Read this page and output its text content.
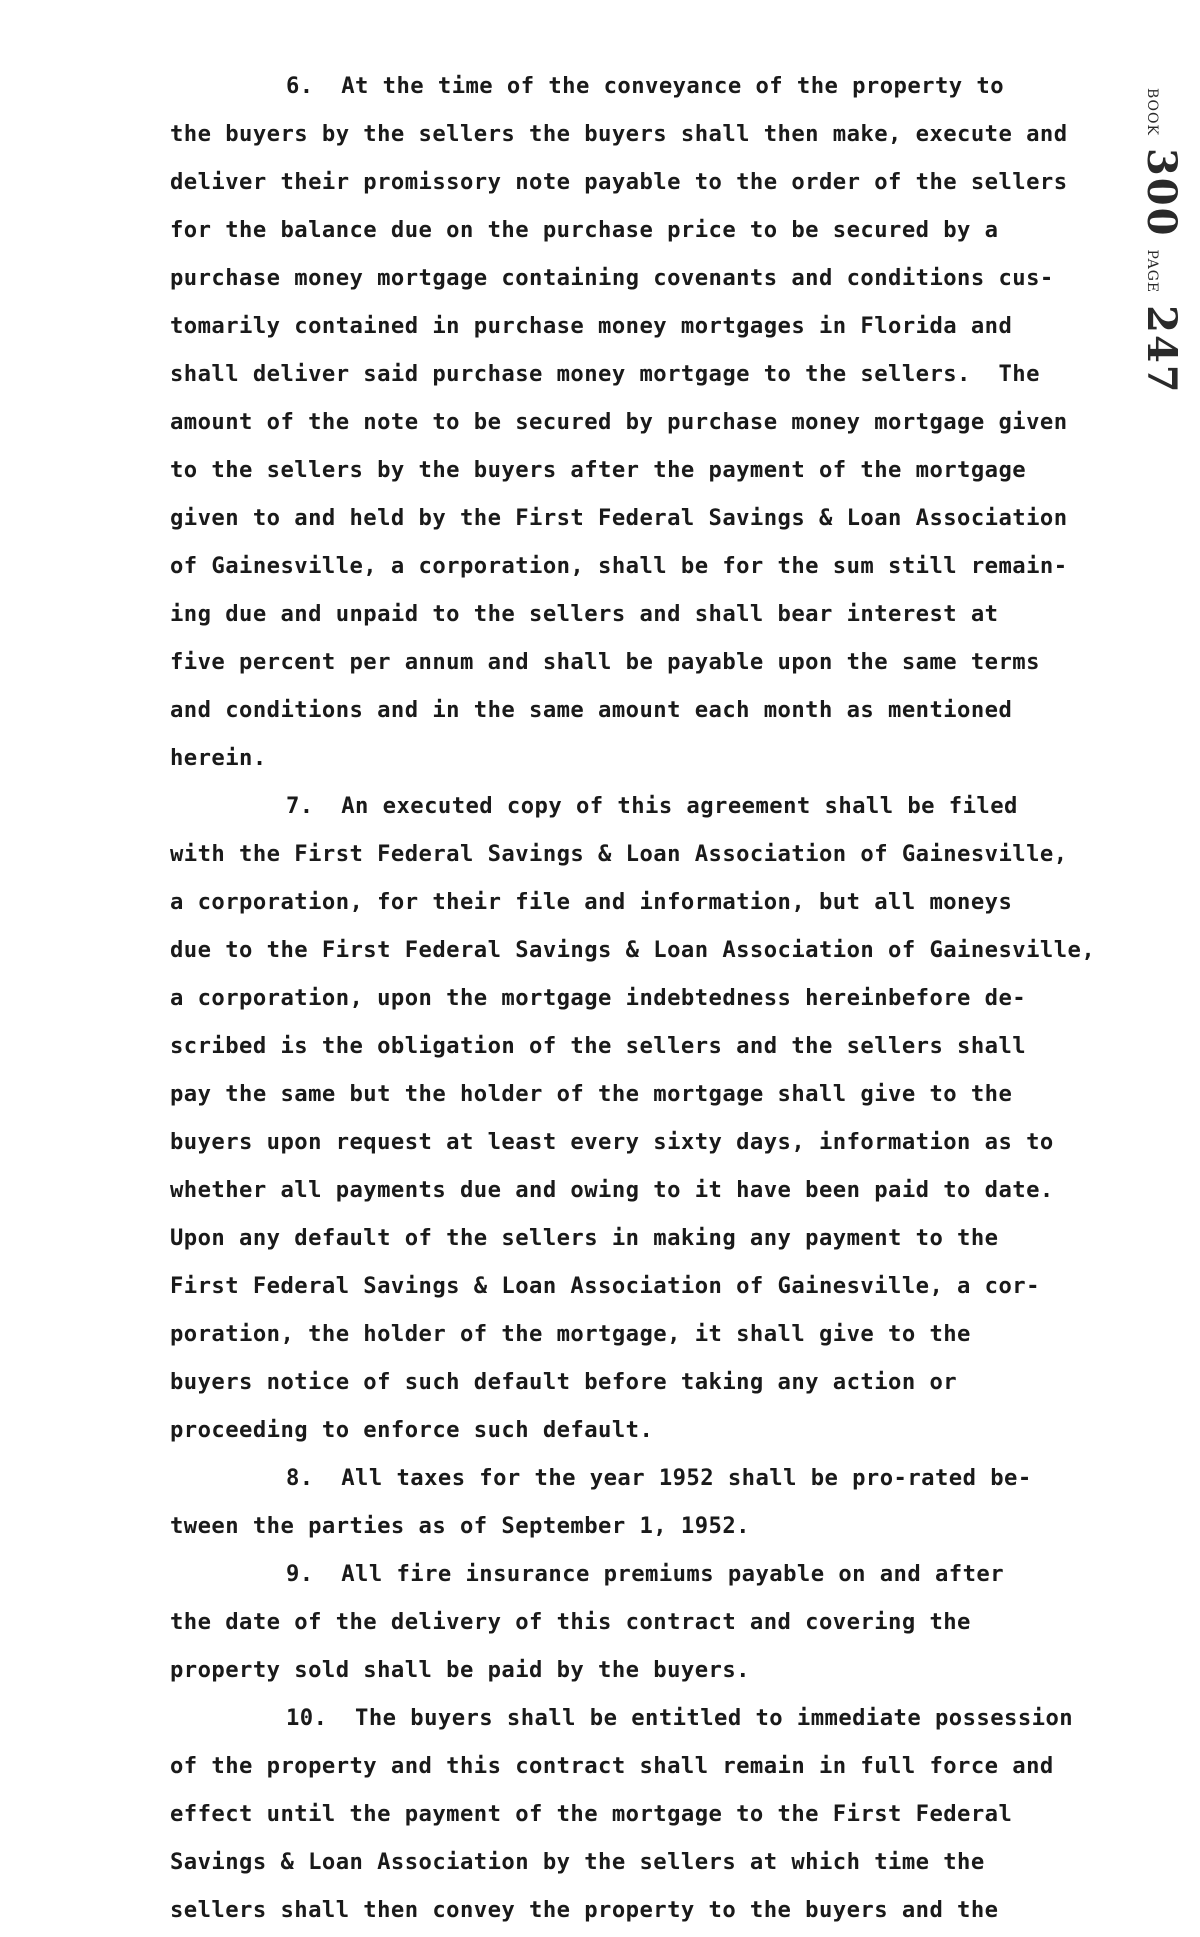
BOOK
300
PAGE
247
6.  At the time of the conveyance of the property to
the buyers by the sellers the buyers shall then make, execute and
deliver their promissory note payable to the order of the sellers
for the balance due on the purchase price to be secured by a
purchase money mortgage containing covenants and conditions cus-
tomarily contained in purchase money mortgages in Florida and
shall deliver said purchase money mortgage to the sellers.  The
amount of the note to be secured by purchase money mortgage given
to the sellers by the buyers after the payment of the mortgage
given to and held by the First Federal Savings & Loan Association
of Gainesville, a corporation, shall be for the sum still remain-
ing due and unpaid to the sellers and shall bear interest at
five percent per annum and shall be payable upon the same terms
and conditions and in the same amount each month as mentioned
herein.
7.  An executed copy of this agreement shall be filed
with the First Federal Savings & Loan Association of Gainesville,
a corporation, for their file and information, but all moneys
due to the First Federal Savings & Loan Association of Gainesville,
a corporation, upon the mortgage indebtedness hereinbefore de-
scribed is the obligation of the sellers and the sellers shall
pay the same but the holder of the mortgage shall give to the
buyers upon request at least every sixty days, information as to
whether all payments due and owing to it have been paid to date.
Upon any default of the sellers in making any payment to the
First Federal Savings & Loan Association of Gainesville, a cor-
poration, the holder of the mortgage, it shall give to the
buyers notice of such default before taking any action or
proceeding to enforce such default.
8.  All taxes for the year 1952 shall be pro-rated be-
tween the parties as of September 1, 1952.
9.  All fire insurance premiums payable on and after
the date of the delivery of this contract and covering the
property sold shall be paid by the buyers.
10.  The buyers shall be entitled to immediate possession
of the property and this contract shall remain in full force and
effect until the payment of the mortgage to the First Federal
Savings & Loan Association by the sellers at which time the
sellers shall then convey the property to the buyers and the
